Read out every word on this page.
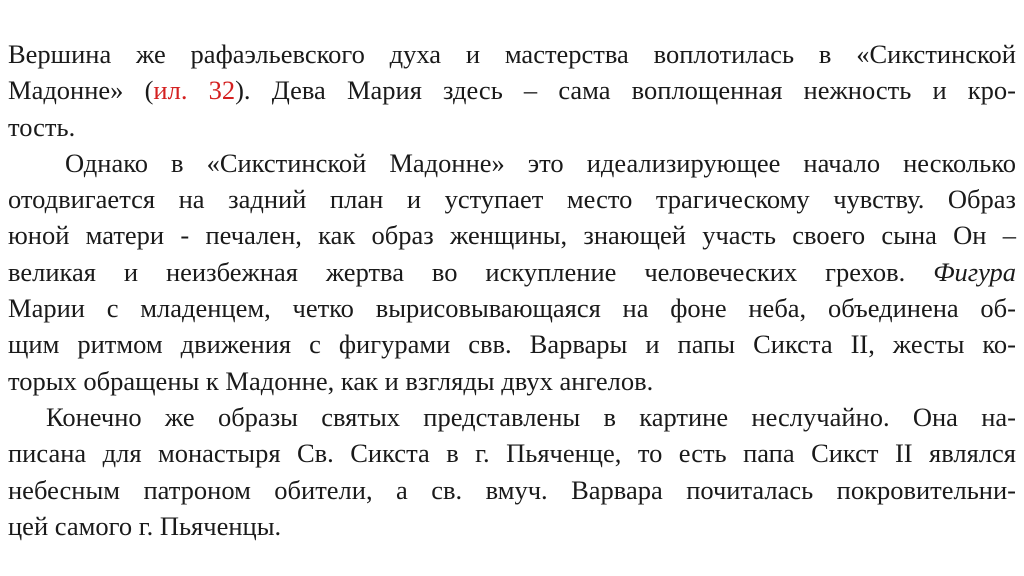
Вершина же рафаэльевского духа и мастерства воплотилась в «Сикстинской
Мадонне» (ил. 32). Дева Мария здесь – сама воплощенная нежность и кро-
тость.
Однако в «Сикстинской Мадонне» это идеализирующее начало несколько
отодвигается на задний план и уступает место трагическому чувству. Образ
юной матери - печален, как образ женщины, знающей участь своего сына Он –
великая и неизбежная жертва во искупление человеческих грехов. Фигура
Марии с младенцем, четко вырисовывающаяся на фоне неба, объединена об-
щим ритмом движения с фигурами свв. Варвары и папы Сикста II, жесты ко-
торых обращены к Мадонне, как и взгляды двух ангелов.
Конечно же образы святых представлены в картине неслучайно. Она на-
писана для монастыря Св. Сикста в г. Пьяченце, то есть папа Сикст II являлся
небесным патроном обители, а св. вмуч. Варвара почиталась покровительни-
цей самого г. Пьяченцы.
